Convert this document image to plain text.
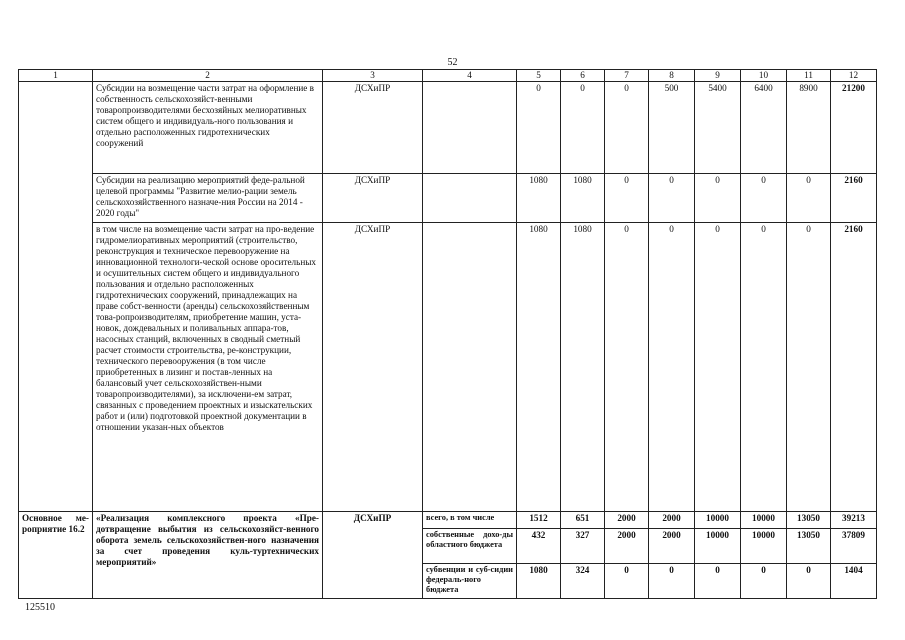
52
1	2	3	4	5	6	7	8	9	10	11	12
	Субсидии на возмещение части затрат на оформление в собственность сельскохозяйст-венными товаропроизводителями бесхозяйных мелиоративных систем общего и индивидуаль-ного пользования и отдельно расположенных гидротехнических сооружений	ДСХиПР		0	0	0	500	5400	6400	8900	21200
	Субсидии на реализацию мероприятий феде-ральной целевой программы "Развитие мелио-рации земель сельскохозяйственного назначе-ния России на 2014 - 2020 годы"	ДСХиПР		1080	1080	0	0	0	0	0	2160
	в том числе на возмещение части затрат на про-ведение гидромелиоративных мероприятий (строительство, реконструкция и техническое перевооружение на инновационной технологи-ческой основе оросительных и осушительных систем общего и индивидуального пользования и отдельно расположенных гидротехнических сооружений, принадлежащих на праве собст-венности (аренды) сельскохозяйственным това-ропроизводителям, приобретение машин, уста-новок, дождевальных и поливальных аппара-тов, насосных станций, включенных в сводный сметный расчет стоимости строительства, ре-конструкции, технического перевооружения (в том числе приобретенных в лизинг и постав-ленных на балансовый учет сельскохозяйствен-ными товаропроизводителями), за исключени-ем затрат, связанных с проведением проектных и изыскательских работ и (или) подготовкой проектной документации в отношении указан-ных объектов	ДСХиПР		1080	1080	0	0	0	0	0	2160
Основное ме-роприятие 16.2	«Реализация комплексного проекта «Пре-дотвращение выбытия из сельскохозяйст-венного оборота земель сельскохозяйствен-ного назначения за счет проведения куль-туртехнических мероприятий»	ДСХиПР	всего, в том числе	1512	651	2000	2000	10000	10000	13050	39213
			собственные дохо-ды областного бюджета	432	327	2000	2000	10000	10000	13050	37809
			субвенции и суб-сидии федераль-ного бюджета	1080	324	0	0	0	0	0	1404
125510
